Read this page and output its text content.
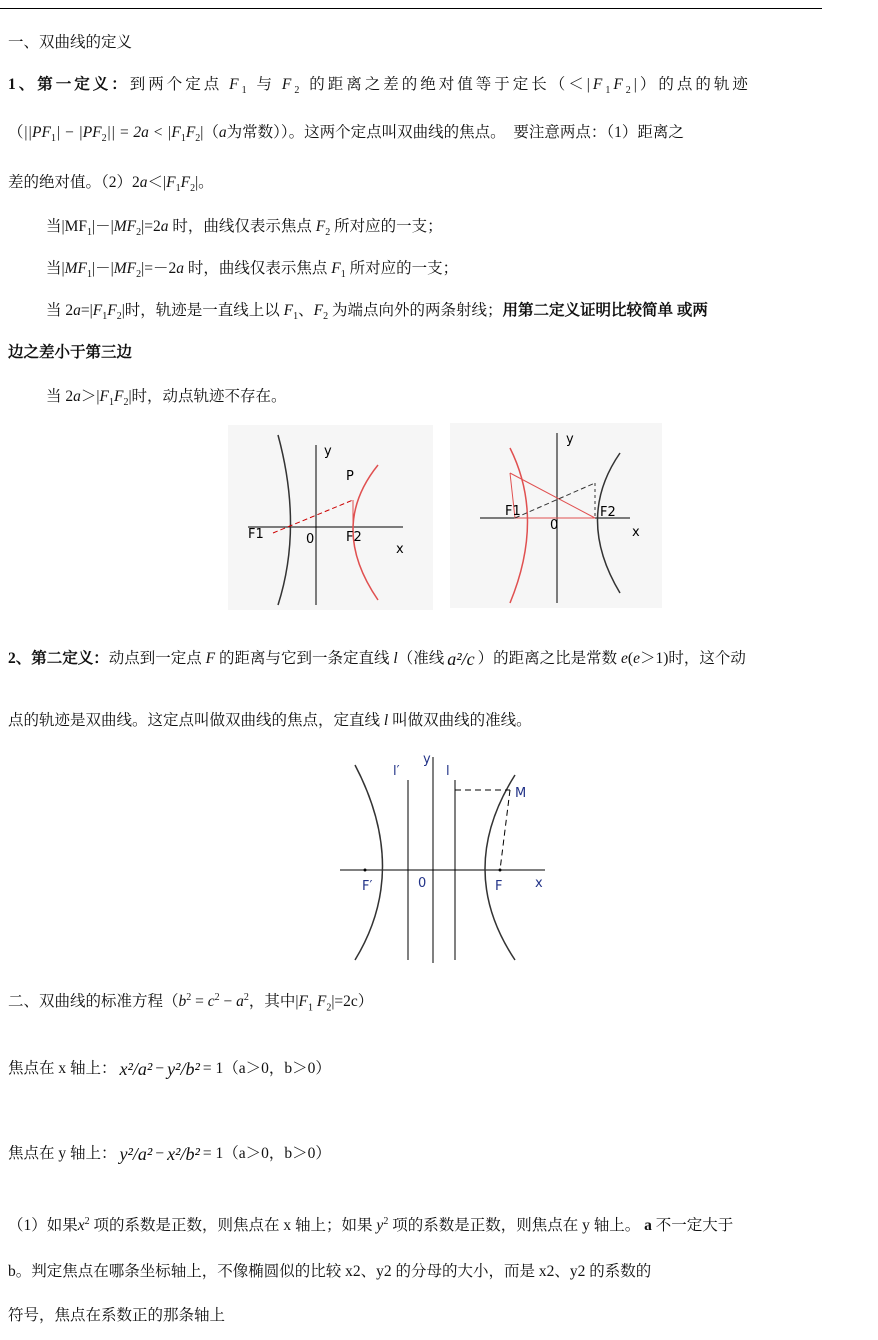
一、双曲线的定义
1、第一定义：到两个定点 $F_1$ 与 $F_2$ 的距离之差的绝对值等于定长$(<|F_1F_2|)$的点的轨迹
（$||PF_1| - |PF_2|| = 2a < |F_1F_2|(a$为常数））。这两个定点叫双曲线的焦点。　要注意两点：（1）距离之
差的绝对值。$(2)2a<|F_1F_2|$。
当$|MF_1|-|MF_2|=2a$ 时，曲线仅表示焦点 $F_2$ 所对应的一支；
当$|MF_1|-|MF_2|=-2a$ 时，曲线仅表示焦点 $F_1$ 所对应的一支；
当 $2a=|F_1F_2|$时，轨迹是一直线上以 $F_1$、$F_2$ 为端点向外的两条射线；用第二定义证明比较简单 或两
边之差小于第三边
当 $2a>|F_1F_2|$时，动点轨迹不存在。
2、第二定义：动点到一定点 F 的距离与它到一条定直线 l（准线 a²/c ）的距离之比是常数 e(e＞1)时，这个动
点的轨迹是双曲线。这定点叫做双曲线的焦点，定直线 l 叫做双曲线的准线。
二、双曲线的标准方程（$b^2 = c^2 - a^2$，其中$|F_1$ $F_2|=2c$）
焦点在 x 轴上： x²/a² − y²/b² = 1（a＞0，b＞0）
焦点在 y 轴上： y²/a² − x²/b² = 1（a＞0，b＞0）
（1）如果$x^2$ 项的系数是正数，则焦点在 x 轴上；如果 $y^2$ 项的系数是正数，则焦点在 y 轴上。 a 不一定大于
b。判定焦点在哪条坐标轴上，不像椭圆似的比较 x2、y2 的分母的大小，而是 x2、y2 的系数的
符号，焦点在系数正的那条轴上
y
P
F1	F2
0
x
y
F1	F2
0	x
l′
y
l
M
F′	0	F	x
